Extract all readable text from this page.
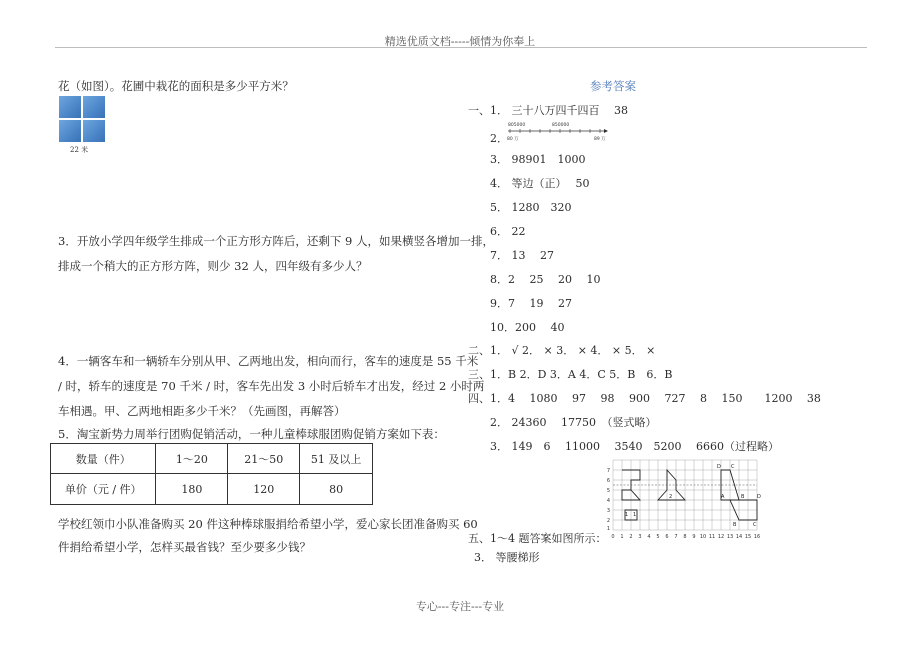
精选优质文档-----倾情为你奉上
花（如图）。花圃中栽花的面积是多少平方米？
22 米
3．开放小学四年级学生排成一个正方形方阵后，还剩下 9 人，如果横竖各增加一排，
排成一个稍大的正方形方阵，则少 32 人，四年级有多少人？
4．一辆客车和一辆轿车分别从甲、乙两地出发，相向而行，客车的速度是 55 千米
/ 时，轿车的速度是 70 千米 / 时，客车先出发 3 小时后轿车才出发，经过 2 小时两
车相遇。甲、乙两地相距多少千米？（先画图，再解答）
5．淘宝新势力周举行团购促销活动，一种儿童棒球服团购促销方案如下表：
数量（件）	1～20	21～50	51 及以上
单价（元 / 件）	180	120	80
学校红领巾小队准备购买 20 件这种棒球服捐给希望小学，爱心家长团准备购买 60
件捐给希望小学，怎样买最省钱？至少要多少钱？
参考答案
一、1． 三十八万四千四百　 38
2．
805000	850000
80 万	89 万
3． 98901　1000
4． 等边（正）　 50
5． 1280　320
6． 22
7． 13　 27
8．2　 25　 20　 10
9．7　 19　 27
10．200　 40
二、1． √ 2． × 3． × 4． × 5． ×
三、1．B 2．D 3．A 4．C 5．B　6．B
四、1．4　 1080　 97　 98　 900　 727　 8　 150　　1200　 38
2． 24360　 17750　（竖式略）
3． 149　6　 11000　 3540　5200　 6660（过程略）
7
6
5
4
3
2
1
0 1 2 3 4 5 6 7 8 9 10 11 12 13 14 15 16
1
2
1
D C
A	B	D
B	C
五、1～4 题答案如图所示：
3． 等腰梯形
专心---专注---专业
